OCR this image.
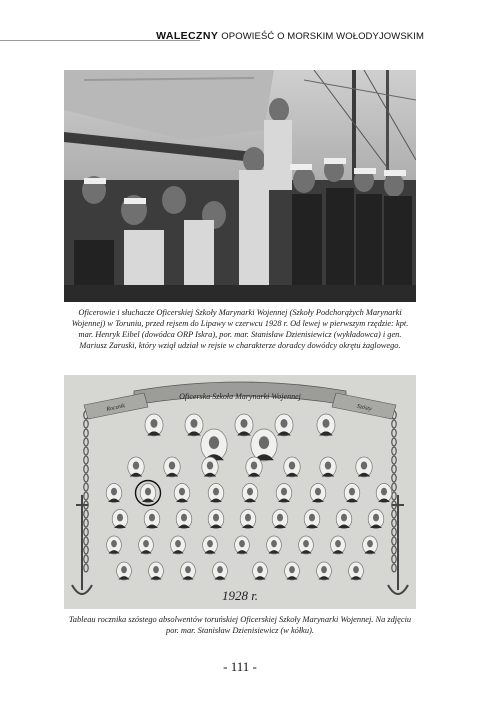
WALECZNY OPOWIEŚĆ O MORSKIM WOŁODYJOWSKIM
Oficerowie i słuchacze Oficerskiej Szkoły Marynarki Wojennej (Szkoły Podchorążych Marynarki Wojennej) w Toruniu, przed rejsem do Lipawy w czerwcu 1928 r. Od lewej w pierwszym rzędzie: kpt. mar. Henryk Eibel (dowódca ORP Iskra), por. mar. Stanisław Dzienisiewicz (wykładowca) i gen. Mariusz Zaruski, który wziął udział w rejsie w charakterze doradcy dowódcy okrętu żaglowego.
Oficerska Szkoła Marynarki Wojennej
Rocznik	Szósty
1928 r.
Tableau rocznika szóstego absolwentów toruńskiej Oficerskiej Szkoły Marynarki Wojennej. Na zdjęciu por. mar. Stanisław Dzienisiewicz (w kółku).
- 111 -
